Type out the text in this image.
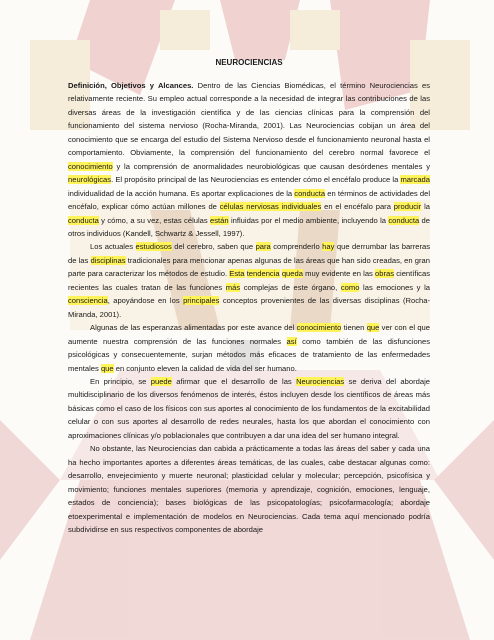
NEUROCIENCIAS

Definición, Objetivos y Alcances. Dentro de las Ciencias Biomédicas, el término Neurociencias es relativamente reciente. Su empleo actual corresponde a la necesidad de integrar las contribuciones de las diversas áreas de la investigación científica y de las ciencias clínicas para la comprensión del funcionamiento del sistema nervioso (Rocha-Miranda, 2001). Las Neurociencias cobijan un área del conocimiento que se encarga del estudio del Sistema Nervioso desde el funcionamiento neuronal hasta el comportamiento. Obviamente, la comprensión del funcionamiento del cerebro normal favorece el conocimiento y la comprensión de anormalidades neurobiológicas que causan desórdenes mentales y neurológicas. El propósito principal de las Neurociencias es entender cómo el encéfalo produce la marcada individualidad de la acción humana. Es aportar explicaciones de la conducta en términos de actividades del encéfalo, explicar cómo actúan millones de células nerviosas individuales en el encéfalo para producir la conducta y cómo, a su vez, estas células están influidas por el medio ambiente, incluyendo la conducta de otros individuos (Kandell, Schwartz & Jessell, 1997).

Los actuales estudiosos del cerebro, saben que para comprenderlo hay que derrumbar las barreras de las disciplinas tradicionales para mencionar apenas algunas de las áreas que han sido creadas, en gran parte para caracterizar los métodos de estudio. Esta tendencia queda muy evidente en las obras científicas recientes las cuales tratan de las funciones más complejas de este órgano, como las emociones y la consciencia, apoyándose en los principales conceptos provenientes de las diversas disciplinas (Rocha-Miranda, 2001).

Algunas de las esperanzas alimentadas por este avance del conocimiento tienen que ver con el que aumente nuestra comprensión de las funciones normales así como también de las disfunciones psicológicas y consecuentemente, surjan métodos más eficaces de tratamiento de las enfermedades mentales que en conjunto eleven la calidad de vida del ser humano.

En principio, se puede afirmar que el desarrollo de las Neurociencias se deriva del abordaje multidisciplinario de los diversos fenómenos de interés, éstos incluyen desde los científicos de áreas más básicas como el caso de los físicos con sus aportes al conocimiento de los fundamentos de la excitabilidad celular o con sus aportes al desarrollo de redes neurales, hasta los que abordan el conocimiento con aproximaciones clínicas y/o poblacionales que contribuyen a dar una idea del ser humano integral.

No obstante, las Neurociencias dan cabida a prácticamente a todas las áreas del saber y cada una ha hecho importantes aportes a diferentes áreas temáticas, de las cuales, cabe destacar algunas como: desarrollo, envejecimiento y muerte neuronal; plasticidad celular y molecular; percepción, psicofísica y movimiento; funciones mentales superiores (memoria y aprendizaje, cognición, emociones, lenguaje, estados de conciencia); bases biológicas de las psicopatologías; psicofarmacología; abordaje etoexperimental e implementación de modelos en Neurociencias. Cada tema aquí mencionado podría subdividirse en sus respectivos componentes de abordaje
